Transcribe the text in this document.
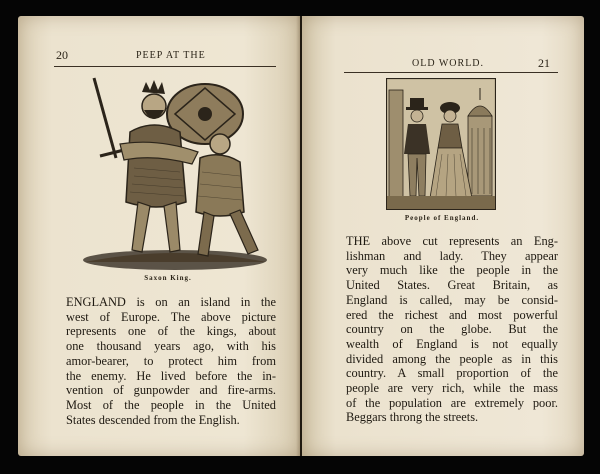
20	PEEP AT THE
Saxon King.
ENGLAND is on an island in the
west of Europe. The above picture
represents one of the kings, about
one thousand years ago, with his
amor-bearer, to protect him from
the enemy. He lived before the in-
vention of gunpowder and fire-arms.
Most of the people in the United
States descended from the English.
OLD WORLD.	21
People of England.
THE above cut represents an Eng-
lishman and lady. They appear
very much like the people in the
United States. Great Britain, as
England is called, may be consid-
ered the richest and most powerful
country on the globe. But the
wealth of England is not equally
divided among the people as in this
country. A small proportion of the
people are very rich, while the mass
of the population are extremely poor.
Beggars throng the streets.
